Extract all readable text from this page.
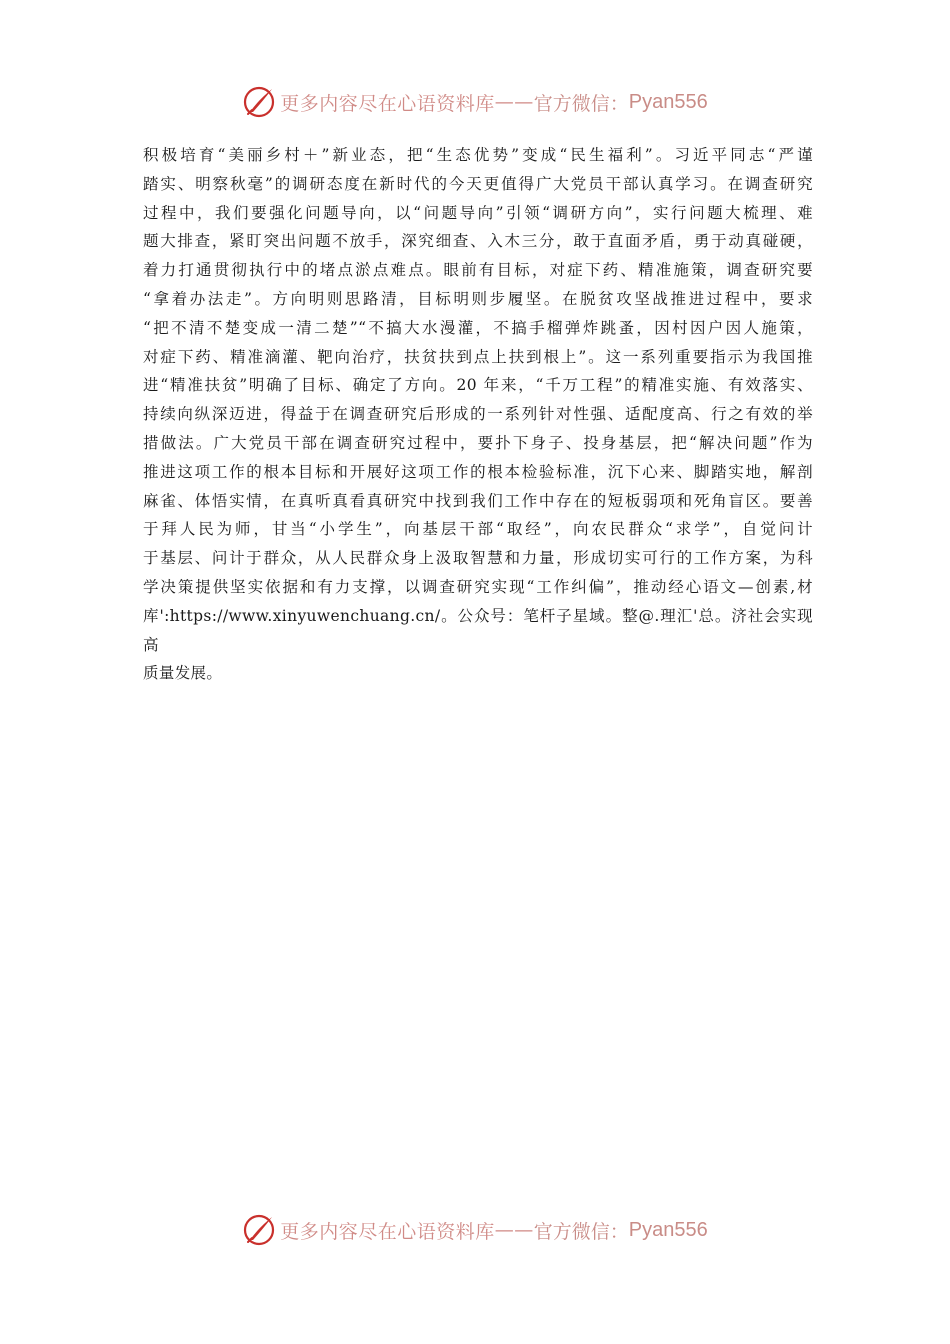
更多内容尽在心语资料库 —— 官方微信： Pyan556

积极培育“美丽乡村＋”新业态，把“生态优势”变成“民生福利”。习近平同志“严谨

踏实、明察秋毫”的调研态度在新时代的今天更值得广大党员干部认真学习。在调查研究

过程中，我们要强化问题导向，以“问题导向”引领“调研方向”，实行问题大梳理、难

题大排查，紧盯突出问题不放手，深究细查、入木三分，敢于直面矛盾，勇于动真碰硬，

着力打通贯彻执行中的堵点淤点难点。眼前有目标，对症下药、精准施策，调查研究要

“拿着办法走”。方向明则思路清，目标明则步履坚。在脱贫攻坚战推进过程中，要求

“把不清不楚变成一清二楚”“不搞大水漫灌，不搞手榴弹炸跳蚤，因村因户因人施策，

对症下药、精准滴灌、靶向治疗，扶贫扶到点上扶到根上”。这一系列重要指示为我国推

进“精准扶贫”明确了目标、确定了方向。20 年来，“千万工程”的精准实施、有效落实、

持续向纵深迈进，得益于在调查研究后形成的一系列针对性强、适配度高、行之有效的举

措做法。广大党员干部在调查研究过程中，要扑下身子、投身基层，把“解决问题”作为

推进这项工作的根本目标和开展好这项工作的根本检验标准，沉下心来、脚踏实地，解剖

麻雀、体悟实情，在真听真看真研究中找到我们工作中存在的短板弱项和死角盲区。要善

于拜人民为师，甘当“小学生”，向基层干部“取经”，向农民群众“求学”，自觉问计

于基层、问计于群众，从人民群众身上汲取智慧和力量，形成切实可行的工作方案，为科

学决策提供坚实依据和有力支撑，以调查研究实现“工作纠偏”，推动经心语文—创素,材

库':https://www.xinyuwenchuang.cn/。公众号：笔杆子星域。整@.理汇'总。济社会实现高

质量发展。

更多内容尽在心语资料库 —— 官方微信： Pyan556
